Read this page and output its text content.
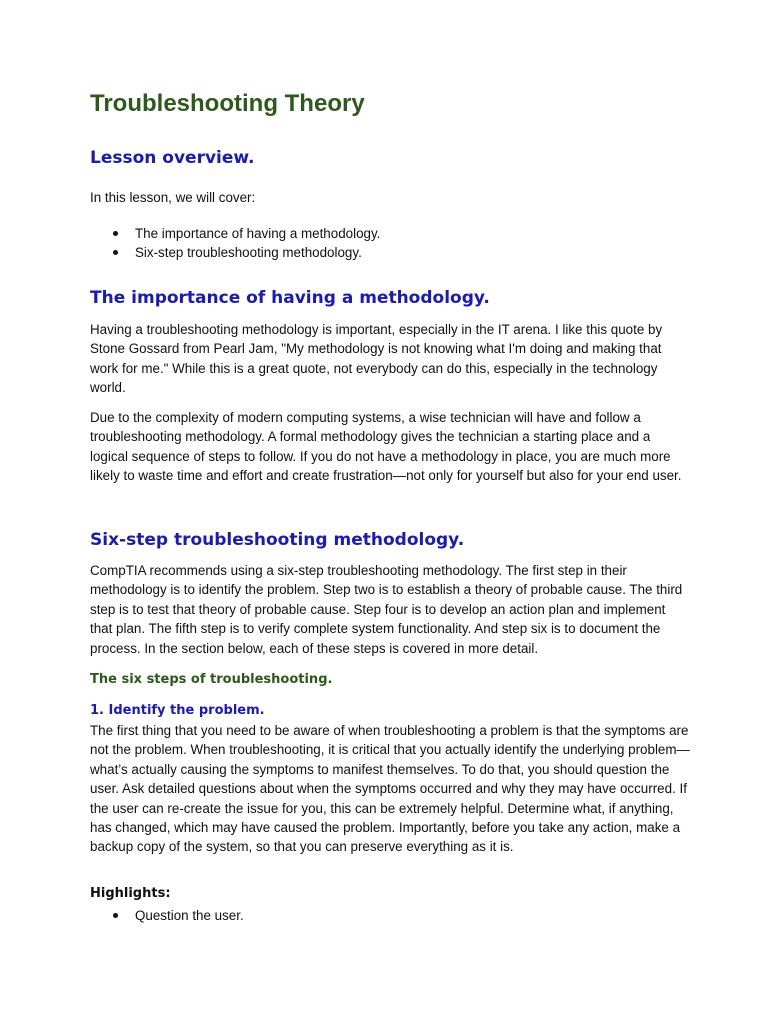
Troubleshooting Theory
Lesson overview.

In this lesson, we will cover:

The importance of having a methodology.
Six-step troubleshooting methodology.
The importance of having a methodology.

Having a troubleshooting methodology is important, especially in the IT arena. I like this quote by Stone Gossard from Pearl Jam, "My methodology is not knowing what I'm doing and making that work for me." While this is a great quote, not everybody can do this, especially in the technology world.

Due to the complexity of modern computing systems, a wise technician will have and follow a troubleshooting methodology. A formal methodology gives the technician a starting place and a logical sequence of steps to follow. If you do not have a methodology in place, you are much more likely to waste time and effort and create frustration—not only for yourself but also for your end user.

Six-step troubleshooting methodology.

CompTIA recommends using a six-step troubleshooting methodology. The first step in their methodology is to identify the problem. Step two is to establish a theory of probable cause. The third step is to test that theory of probable cause. Step four is to develop an action plan and implement that plan. The fifth step is to verify complete system functionality. And step six is to document the process. In the section below, each of these steps is covered in more detail.

The six steps of troubleshooting.
1. Identify the problem.

The first thing that you need to be aware of when troubleshooting a problem is that the symptoms are not the problem. When troubleshooting, it is critical that you actually identify the underlying problem—what’s actually causing the symptoms to manifest themselves. To do that, you should question the user. Ask detailed questions about when the symptoms occurred and why they may have occurred. If the user can re-create the issue for you, this can be extremely helpful. Determine what, if anything, has changed, which may have caused the problem. Importantly, before you take any action, make a backup copy of the system, so that you can preserve everything as it is.

Highlights:

Question the user.
